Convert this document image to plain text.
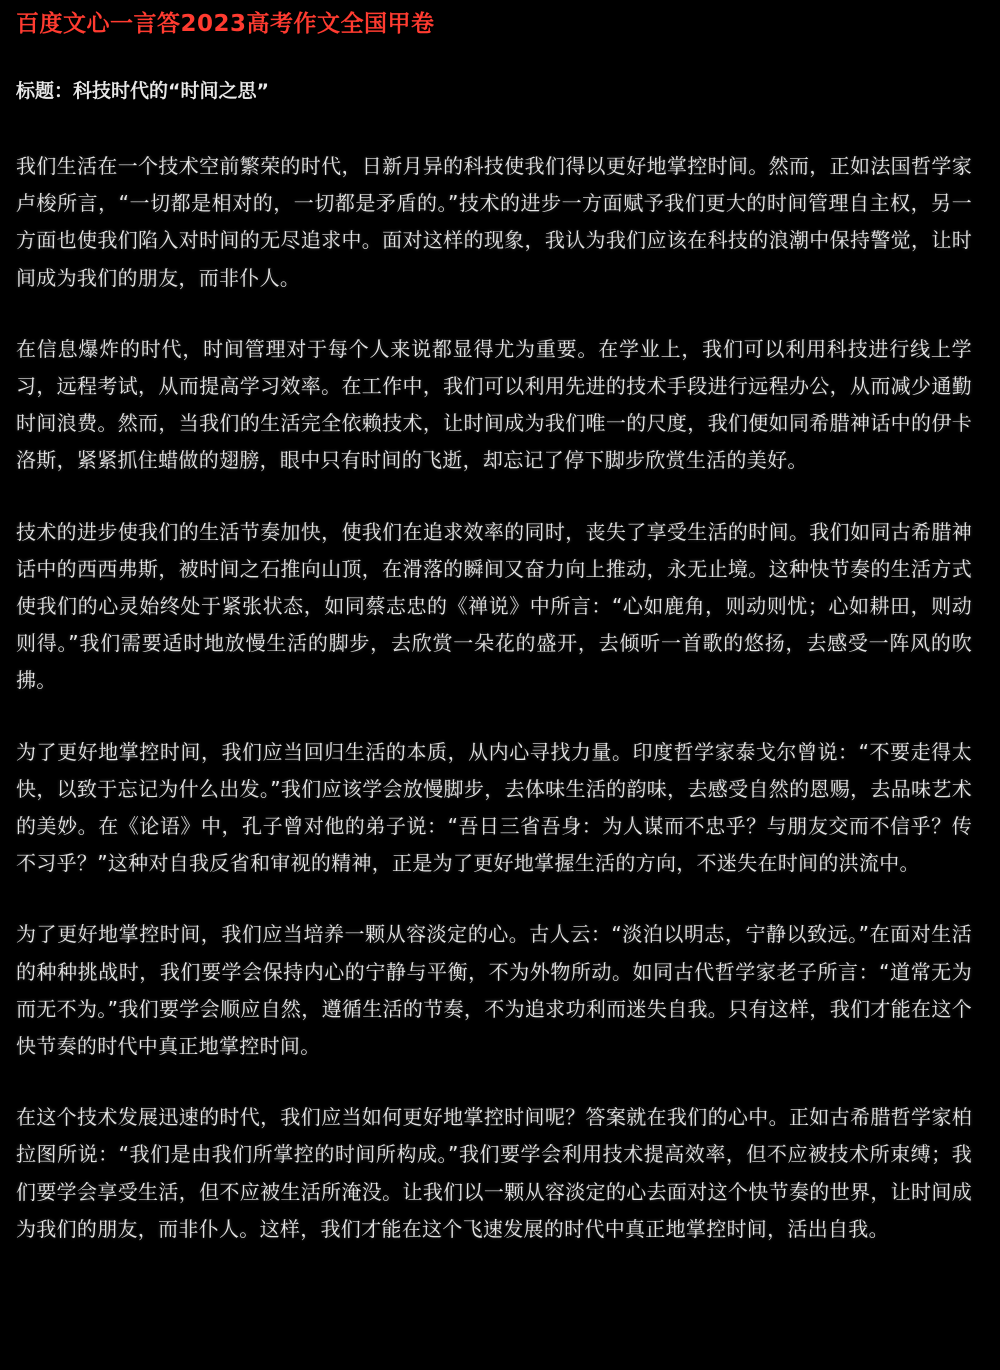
百度文心一言答2023高考作文全国甲卷
标题：科技时代的“时间之思”

我们生活在一个技术空前繁荣的时代，日新月异的科技使我们得以更好地掌控时间。然而，正如法国哲学家卢梭所言，“一切都是相对的，一切都是矛盾的。”技术的进步一方面赋予我们更大的时间管理自主权，另一方面也使我们陷入对时间的无尽追求中。面对这样的现象，我认为我们应该在科技的浪潮中保持警觉，让时间成为我们的朋友，而非仆人。

在信息爆炸的时代，时间管理对于每个人来说都显得尤为重要。在学业上，我们可以利用科技进行线上学习，远程考试，从而提高学习效率。在工作中，我们可以利用先进的技术手段进行远程办公，从而减少通勤时间浪费。然而，当我们的生活完全依赖技术，让时间成为我们唯一的尺度，我们便如同希腊神话中的伊卡洛斯，紧紧抓住蜡做的翅膀，眼中只有时间的飞逝，却忘记了停下脚步欣赏生活的美好。

技术的进步使我们的生活节奏加快，使我们在追求效率的同时，丧失了享受生活的时间。我们如同古希腊神话中的西西弗斯，被时间之石推向山顶，在滑落的瞬间又奋力向上推动，永无止境。这种快节奏的生活方式使我们的心灵始终处于紧张状态，如同蔡志忠的《禅说》中所言：“心如鹿角，则动则忧；心如耕田，则动则得。”我们需要适时地放慢生活的脚步，去欣赏一朵花的盛开，去倾听一首歌的悠扬，去感受一阵风的吹拂。

为了更好地掌控时间，我们应当回归生活的本质，从内心寻找力量。印度哲学家泰戈尔曾说：“不要走得太快，以致于忘记为什么出发。”我们应该学会放慢脚步，去体味生活的韵味，去感受自然的恩赐，去品味艺术的美妙。在《论语》中，孔子曾对他的弟子说：“吾日三省吾身：为人谋而不忠乎？与朋友交而不信乎？传不习乎？”这种对自我反省和审视的精神，正是为了更好地掌握生活的方向，不迷失在时间的洪流中。

为了更好地掌控时间，我们应当培养一颗从容淡定的心。古人云：“淡泊以明志，宁静以致远。”在面对生活的种种挑战时，我们要学会保持内心的宁静与平衡，不为外物所动。如同古代哲学家老子所言：“道常无为而无不为。”我们要学会顺应自然，遵循生活的节奏，不为追求功利而迷失自我。只有这样，我们才能在这个快节奏的时代中真正地掌控时间。

在这个技术发展迅速的时代，我们应当如何更好地掌控时间呢？答案就在我们的心中。正如古希腊哲学家柏拉图所说：“我们是由我们所掌控的时间所构成。”我们要学会利用技术提高效率，但不应被技术所束缚；我们要学会享受生活，但不应被生活所淹没。让我们以一颗从容淡定的心去面对这个快节奏的世界，让时间成为我们的朋友，而非仆人。这样，我们才能在这个飞速发展的时代中真正地掌控时间，活出自我。
